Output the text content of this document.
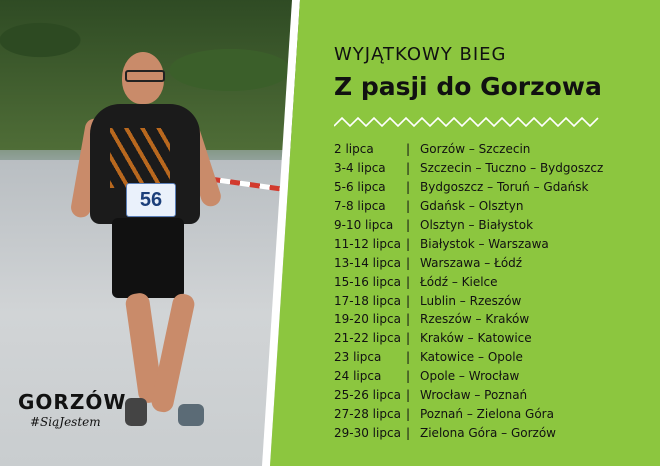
56
GORZÓW
#SiąJestem
WYJĄTKOWY BIEG
Z pasji do Gorzowa
2 lipca	| Gorzów – Szczecin
3-4 lipca	| Szczecin – Tuczno – Bydgoszcz
5-6 lipca	| Bydgoszcz – Toruń – Gdańsk
7-8 lipca	| Gdańsk – Olsztyn
9-10 lipca	| Olsztyn – Białystok
11-12 lipca | Białystok – Warszawa
13-14 lipca | Warszawa – Łódź
15-16 lipca | Łódź – Kielce
17-18 lipca | Lublin – Rzeszów
19-20 lipca | Rzeszów – Kraków
21-22 lipca | Kraków – Katowice
23 lipca	| Katowice – Opole
24 lipca	| Opole – Wrocław
25-26 lipca | Wrocław – Poznań
27-28 lipca | Poznań – Zielona Góra
29-30 lipca | Zielona Góra – Gorzów
